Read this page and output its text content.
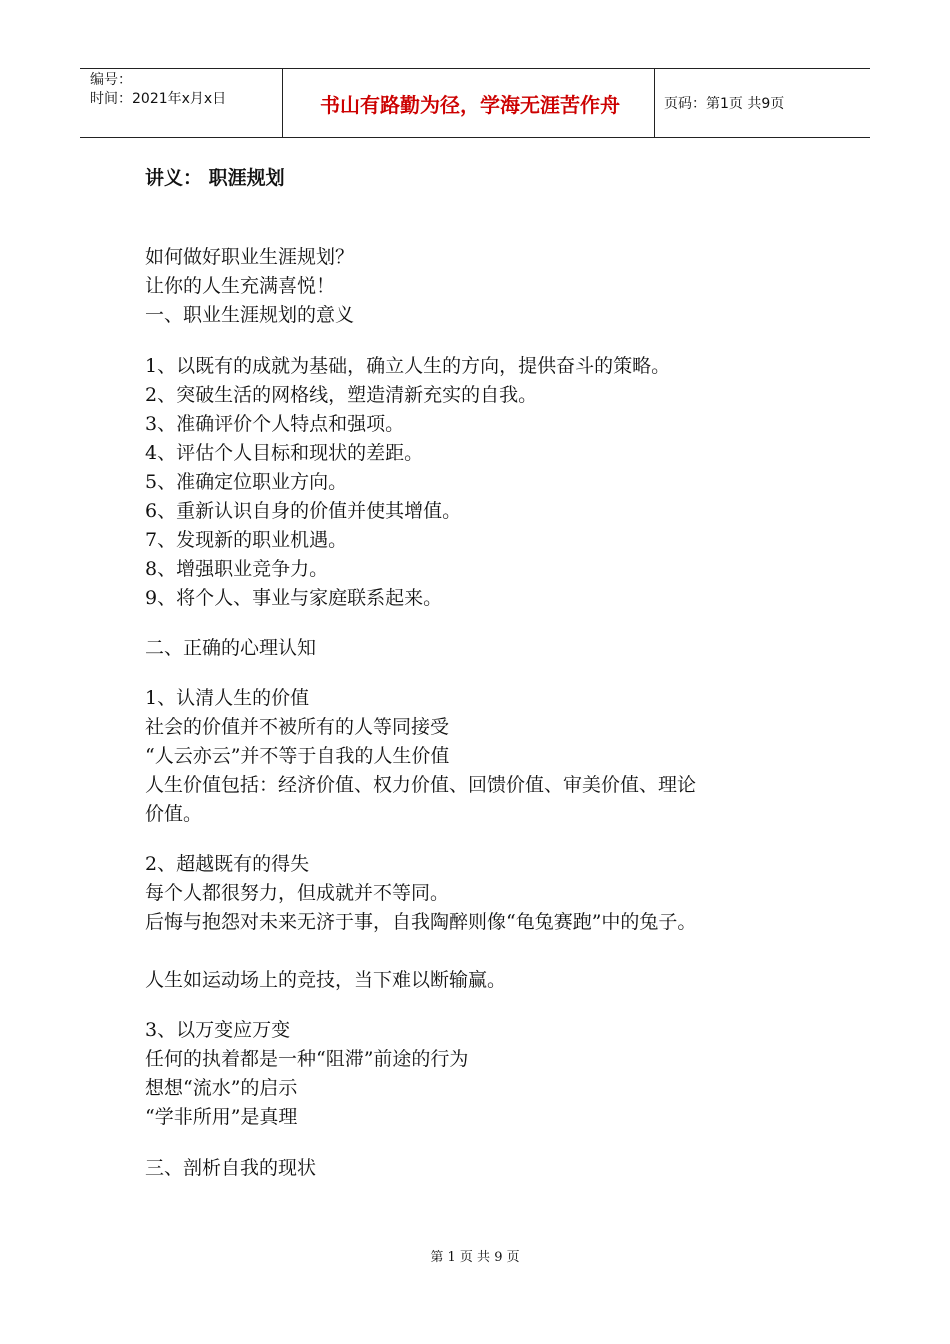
编号：
时间：2021年x月x日	书山有路勤为径，学海无涯苦作舟	页码：第1页 共9页
讲义： 职涯规划
如何做好职业生涯规划？
让你的人生充满喜悦！
一、职业生涯规划的意义
1、以既有的成就为基础，确立人生的方向，提供奋斗的策略。
2、突破生活的网格线，塑造清新充实的自我。
3、准确评价个人特点和强项。
4、评估个人目标和现状的差距。
5、准确定位职业方向。
6、重新认识自身的价值并使其增值。
7、发现新的职业机遇。
8、增强职业竞争力。
9、将个人、事业与家庭联系起来。
二、正确的心理认知
1、认清人生的价值
社会的价值并不被所有的人等同接受
“人云亦云”并不等于自我的人生价值
人生价值包括：经济价值、权力价值、回馈价值、审美价值、理论
价值。
2、超越既有的得失
每个人都很努力，但成就并不等同。
后悔与抱怨对未来无济于事，自我陶醉则像“龟兔赛跑”中的兔子。
人生如运动场上的竞技，当下难以断输赢。
3、以万变应万变
任何的执着都是一种“阻滞”前途的行为
想想“流水”的启示
“学非所用”是真理
三、剖析自我的现状
第 1 页 共 9 页
